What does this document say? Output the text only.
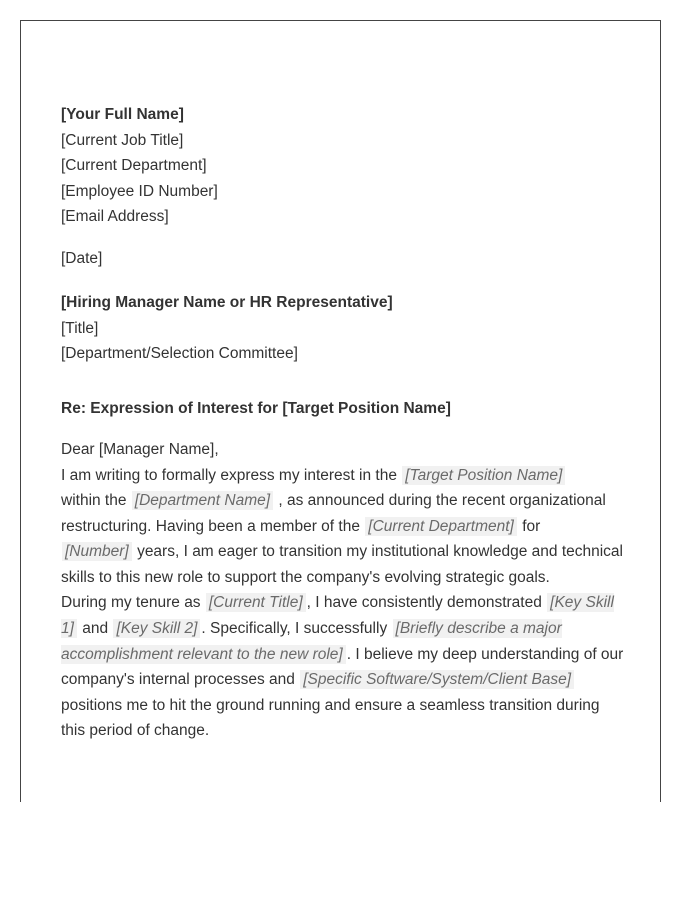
[Your Full Name]
[Current Job Title]
[Current Department]
[Employee ID Number]
[Email Address]
[Date]
[Hiring Manager Name or HR Representative]
[Title]
[Department/Selection Committee]
Re: Expression of Interest for [Target Position Name]
Dear [Manager Name],

I am writing to formally express my interest in the [Target Position Name]
within the [Department Name] , as announced during the recent organizational restructuring. Having been a member of the [Current Department] for
[Number] years, I am eager to transition my institutional knowledge and technical skills to this new role to support the company's evolving strategic goals.

During my tenure as [Current Title] , I have consistently demonstrated [Key Skill 1] and [Key Skill 2] . Specifically, I successfully [Briefly describe a major accomplishment relevant to the new role] . I believe my deep understanding of our company's internal processes and [Specific Software/System/Client Base]
positions me to hit the ground running and ensure a seamless transition during this period of change.
